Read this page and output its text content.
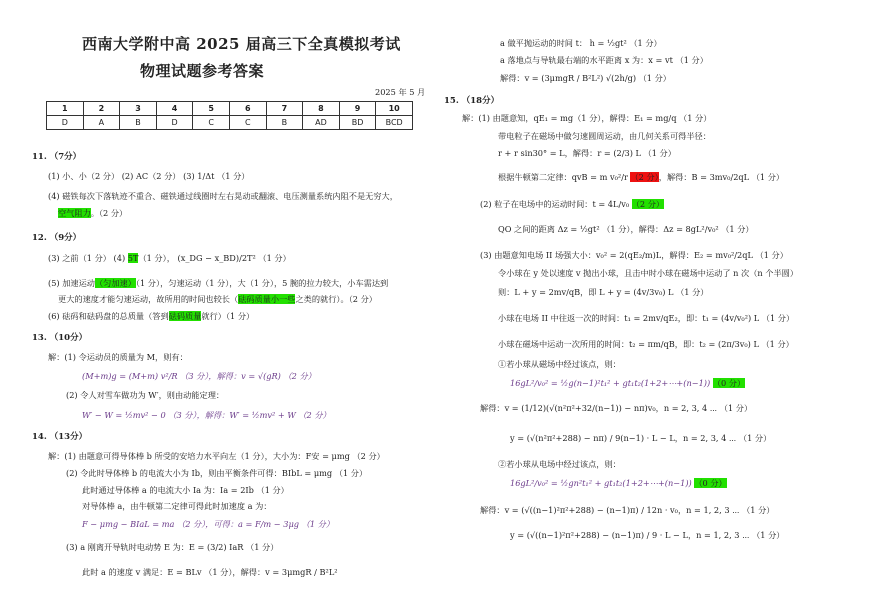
西南大学附中高 2025 届高三下全真模拟考试
物理试题参考答案
2025 年 5 月
1	2	3	4	5	6	7	8	9	10
D	A	B	D	C	C	B	AD	BD	BCD
11. （7分）
(1) 小、小（2 分） (2) AC（2 分） (3) 1/Δt （1 分）
(4) 磁铁每次下落轨迹不重合、磁铁通过线圈时左右晃动或翻滚、电压测量系统内阻不是无穷大，
空气阻力。（2 分）
12. （9分）
(3) 之前（1 分） (4) 5T（1 分）， (x_DG − x_BD)/2T² （1 分）
(5) 加速运动（匀加速）（1 分），匀速运动（1 分），大（1 分），5 腕的拉力较大，小车需达到
更大的速度才能匀速运动，故所用的时间也较长（砝码质量小一些之类的就行）。（2 分）
(6) 砝码和砝码盘的总质量（答到砝码质量就行）（1 分）
13. （10分）
解：(1) 令运动员的质量为 M，则有：
(M+m)g = (M+m) v²/R （3 分），解得：v = √(gR) （2 分）
(2) 令人对雪车做功为 W′，则由动能定理：
W′ − W = ½mv² − 0 （3 分），解得：W′ = ½mv² + W （2 分）
14. （13分）
解：(1) 由题意可得导体棒 b 所受的安培力水平向左（1 分），大小为：F安 = μmg （2 分）
(2) 令此时导体棒 b 的电流大小为 Ib，则由平衡条件可得：BIbL = μmg （1 分）
此时通过导体棒 a 的电流大小 Ia 为：Ia = 2Ib （1 分）
对导体棒 a，由牛顿第二定律可得此时加速度 a 为：
F − μmg − BIaL = ma （2 分），可得：a = F/m − 3μg （1 分）
(3) a 刚离开导轨时电动势 E 为：E = (3/2) IaR （1 分）
此时 a 的速度 v 满足：E = BLv （1 分），解得：v = 3μmgR / B²L²
a 做平抛运动的时间 t： h = ½gt² （1 分）
a 落地点与导轨最右端的水平距离 x 为：x = vt （1 分）
解得：v = (3μmgR / B²L²) √(2h/g) （1 分）
15. （18分）
解：(1) 由题意知，qE₁ = mg（1 分），解得：E₁ = mg/q （1 分）
带电粒子在磁场中做匀速圆周运动，由几何关系可得半径：
r + r sin30° = L，解得：r = (2/3) L （1 分）
根据牛顿第二定律：qvB = m v₀²/r （2 分），解得：B = 3mv₀/2qL （1 分）
(2) 粒子在电场中的运动时间：t = 4L/v₀ （2 分）
QO 之间的距离 Δz = ½gt² （1 分），解得：Δz = 8gL²/v₀² （1 分）
(3) 由题意知电场 II 场强大小：v₀² = 2(qE₂/m)L，解得：E₂ = mv₀²/2qL （1 分）
令小球在 y 处以速度 v 抛出小球，且击中时小球在磁场中运动了 n 次（n 个半圆）
则：L + y = 2mv/qB，即 L + y = (4v/3v₀) L （1 分）
小球在电场 II 中往返一次的时间：t₁ = 2mv/qE₂，即：t₁ = (4v/v₀²) L （1 分）
小球在磁场中运动一次所用的时间：t₂ = πm/qB，即：t₂ = (2π/3v₀) L （1 分）
①若小球从磁场中经过该点，则：
16gL²/v₀² = ½g(n−1)²t₁² + gt₁t₂(1+2+⋯+(n−1)) （0 分）
解得：v = (1/12)(√(n²π²+32/(n−1)) − nπ)v₀，n = 2, 3, 4 ⋯ （1 分）
y = (√(n²π²+288) − nπ) / 9(n−1) · L − L，n = 2, 3, 4 ⋯ （1 分）
②若小球从电场中经过该点，则：
16gL²/v₀² = ½gn²t₁² + gt₁t₂(1+2+⋯+(n−1)) （0 分）
解得：v = (√((n−1)²π²+288) − (n−1)π) / 12n · v₀，n = 1, 2, 3 ⋯ （1 分）
y = (√((n−1)²π²+288) − (n−1)π) / 9 · L − L，n = 1, 2, 3 ⋯ （1 分）
